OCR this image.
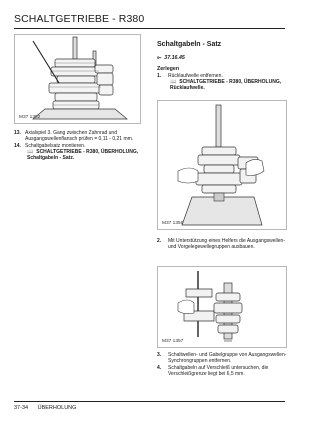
SCHALTGETRIEBE - R380
M37 1382
13. Axialspiel 3. Gang zwischen Zahnrad und Ausgangswellenflansch prüfen = 0,11 - 0,21 mm.
14. Schaltgabelsatz montieren.
📖 SCHALTGETRIEBE - R380, ÜBERHOLUNG, Schaltgabeln - Satz.
Schaltgabeln - Satz
⟜ 37.16.45
Zerlegen
1. Rücklaufwelle entfernen.
📖 SCHALTGETRIEBE - R380, ÜBERHOLUNG, Rücklaufwelle.
M37 1359
2. Mit Unterstützung eines Helfers die Ausgangswellen- und Vorgelegewellegruppen ausbauen.
M37 1357
3. Schaltwellen- und Gabelgruppe von Ausgangswellen- Synchrongruppen entfernen.
4. Schaltgabeln auf Verschleiß untersuchen, die Verschleißgrenze liegt bei 6,5 mm.
37-34 ÜBERHOLUNG
